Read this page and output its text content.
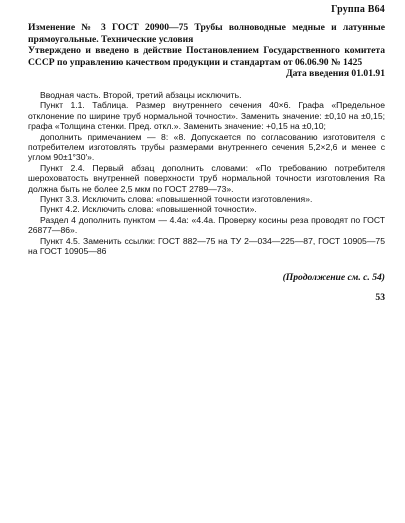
Группа В64
Изменение № 3 ГОСТ 20900—75 Трубы волноводные медные и латунные прямоугольные. Технические условия
Утверждено и введено в действие Постановлением Государственного комитета СССР по управлению качеством продукции и стандартам от 06.06.90 № 1425
Дата введения 01.01.91

Вводная часть. Второй, третий абзацы исключить.

Пункт 1.1. Таблица. Размер внутреннего сечения 40×6. Графа «Предельное отклонение по ширине труб нормальной точности». Заменить значение: ±0,10 на ±0,15; графа «Толщина стенки. Пред. откл.». Заменить значение: +0,15 на ±0,10;

дополнить примечанием — 8: «8. Допускается по согласованию изготовителя с потребителем изготовлять трубы размерами внутреннего сечения 5,2×2,6 и менее с углом 90±1°30′».

Пункт 2.4. Первый абзац дополнить словами: «По требованию потребителя шероховатость внутренней поверхности труб нормальной точности изготовления Ra должна быть не более 2,5 мкм по ГОСТ 2789—73».

Пункт 3.3. Исключить слова: «повышенной точности изготовления».

Пункт 4.2. Исключить слова: «повышенной точности».

Раздел 4 дополнить пунктом — 4.4а: «4.4а. Проверку косины реза проводят по ГОСТ 26877—86».

Пункт 4.5. Заменить ссылки: ГОСТ 882—75 на ТУ 2—034—225—87, ГОСТ 10905—75 на ГОСТ 10905—86

(Продолжение см. с. 54)
53
